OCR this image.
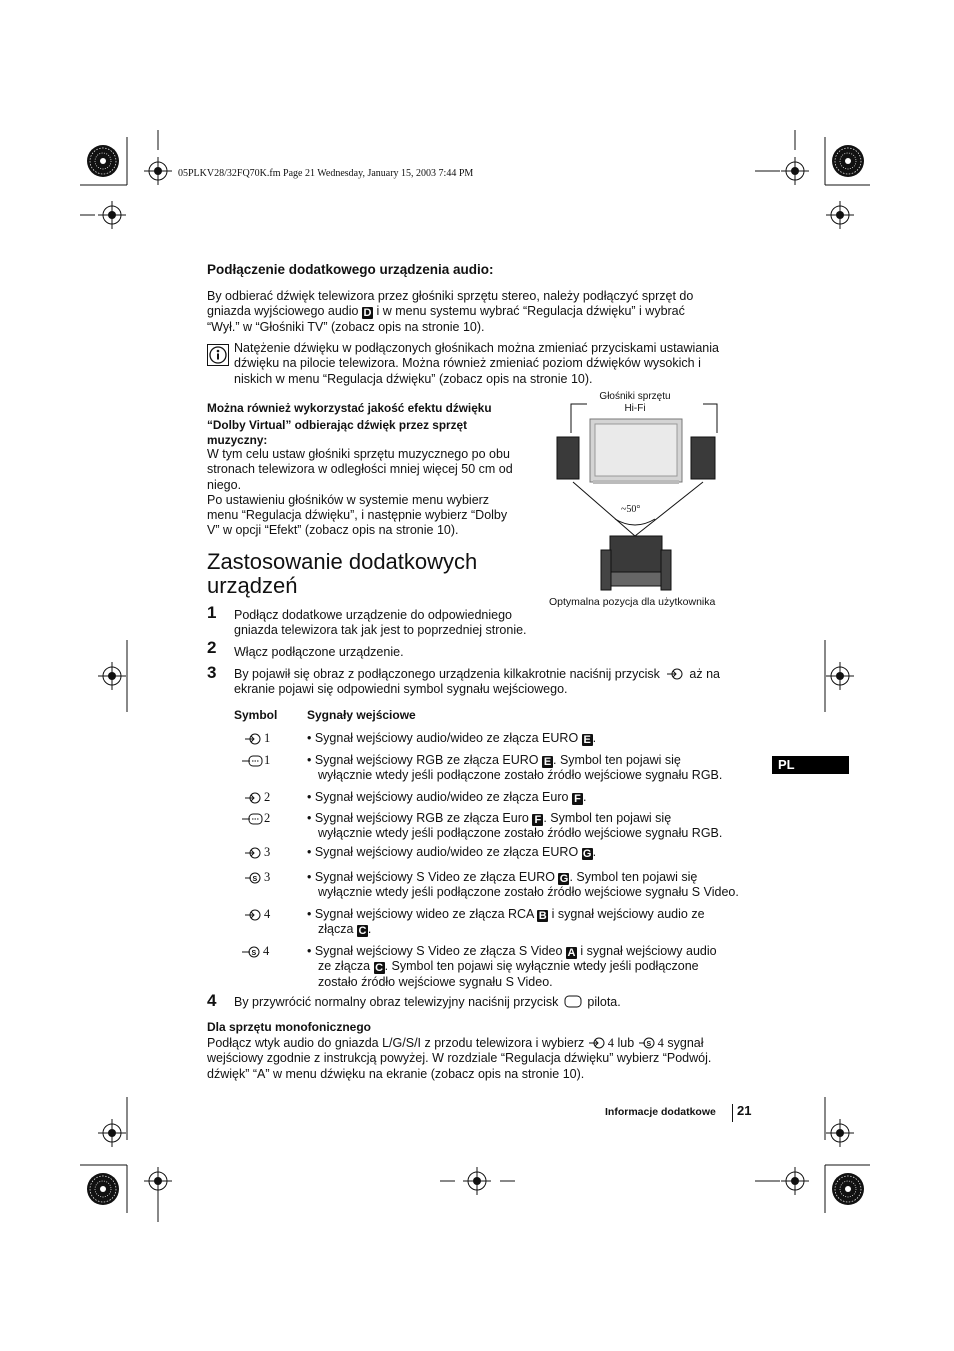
05PLKV28/32FQ70K.fm Page 21 Wednesday, January 15, 2003 7:44 PM
Podłączenie dodatkowego urządzenia audio:
By odbierać dźwięk telewizora przez głośniki sprzętu stereo, należy podłączyć sprzęt do
gniazda wyjściowego audio D i w menu systemu wybrać “Regulacja dźwięku” i wybrać
“Wył.” w “Głośniki TV” (zobacz opis na stronie 10).
Natężenie dźwięku w podłączonych głośnikach można zmieniać przyciskami ustawiania
dźwięku na pilocie telewizora. Można również zmieniać poziom dźwięków wysokich i
niskich w menu “Regulacja dźwięku” (zobacz opis na stronie 10).
Można również wykorzystać jakość efektu dźwięku
“Dolby Virtual” odbierając dźwięk przez sprzęt
muzyczny:
W tym celu ustaw głośniki sprzętu muzycznego po obu
stronach telewizora w odległości mniej więcej 50 cm od
niego.
Po ustawieniu głośników w systemie menu wybierz
menu “Regulacja dźwięku”, i następnie wybierz “Dolby
V” w opcji “Efekt” (zobacz opis na stronie 10).
Głośniki sprzętu
Hi-Fi
~50°
Optymalna pozycja dla użytkownika
Zastosowanie dodatkowych
urządzeń
1 Podłącz dodatkowe urządzenie do odpowiedniego
gniazda telewizora tak jak jest to poprzedniej stronie.
2 Włącz podłączone urządzenie.
3 By pojawił się obraz z podłączonego urządzenia kilkakrotnie naciśnij przycisk aż na
ekranie pojawi się odpowiedni symbol sygnału wejściowego.
Symbol Sygnały wejściowe
1
1
2
2
3
S 3
4
S 4
• Sygnał wejściowy audio/wideo ze złącza EURO E .
• Sygnał wejściowy RGB ze złącza EURO E . Symbol ten pojawi się
wyłącznie wtedy jeśli podłączone zostało źródło wejściowe sygnału RGB.
• Sygnał wejściowy audio/wideo ze złącza Euro F .
• Sygnał wejściowy RGB ze złącza Euro F . Symbol ten pojawi się
wyłącznie wtedy jeśli podłączone zostało źródło wejściowe sygnału RGB.
• Sygnał wejściowy audio/wideo ze złącza EURO G.
• Sygnał wejściowy S Video ze złącza EURO G. Symbol ten pojawi się
wyłącznie wtedy jeśli podłączone zostało źródło wejściowe sygnału S Video.
• Sygnał wejściowy wideo ze złącza RCA B i sygnał wejściowy audio ze
złącza C .
• Sygnał wejściowy S Video ze złącza S Video A i sygnał wejściowy audio
ze złącza C . Symbol ten pojawi się wyłącznie wtedy jeśli podłączone
zostało źródło wejściowe sygnału S Video.
4 By przywrócić normalny obraz telewizyjny naciśnij przycisk pilota.
Dla sprzętu monofonicznego
Podłącz wtyk audio do gniazda L/G/S/I z przodu telewizora i wybierz 4 lub S 4 sygnał
wejściowy zgodnie z instrukcją powyżej. W rozdziale “Regulacja dźwięku” wybierz “Podwój.
dźwięk” “A” w menu dźwięku na ekranie (zobacz opis na stronie 10).
PL
Informacje dodatkowe 21
